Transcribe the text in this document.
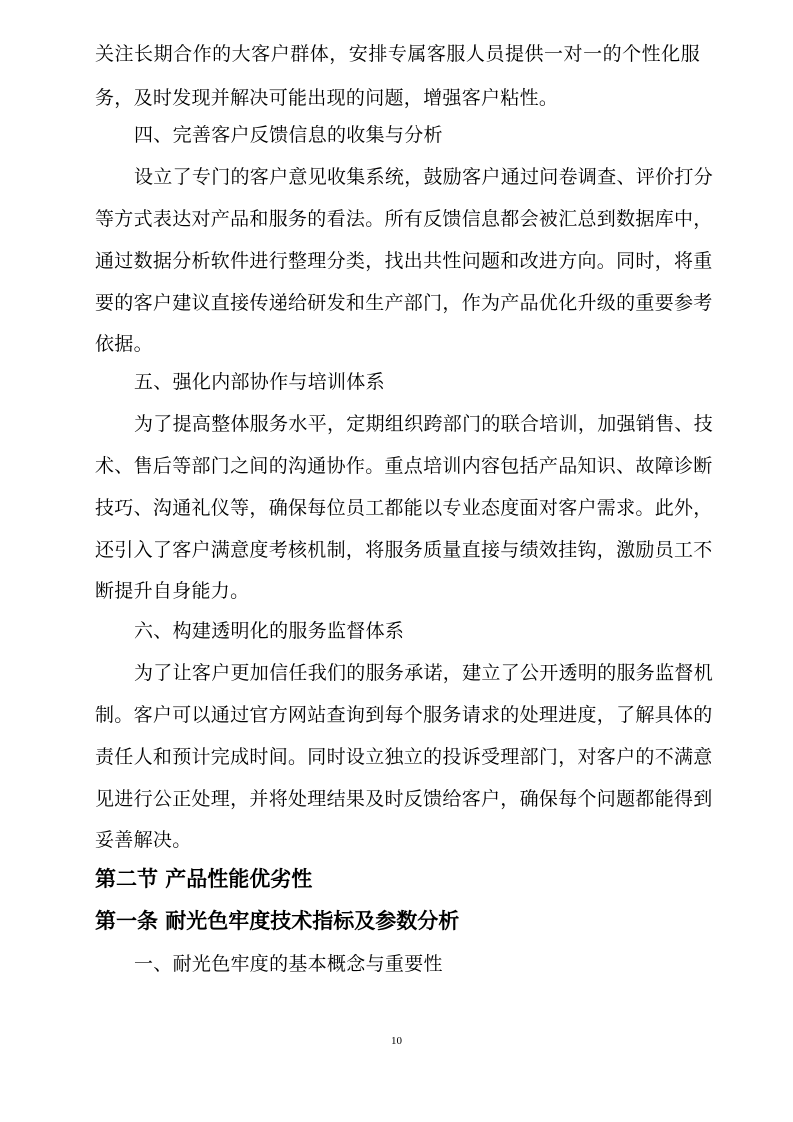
关注长期合作的大客户群体，安排专属客服人员提供一对一的个性化服
务，及时发现并解决可能出现的问题，增强客户粘性。
四、完善客户反馈信息的收集与分析
设立了专门的客户意见收集系统，鼓励客户通过问卷调查、评价打分
等方式表达对产品和服务的看法。所有反馈信息都会被汇总到数据库中，
通过数据分析软件进行整理分类，找出共性问题和改进方向。同时，将重
要的客户建议直接传递给研发和生产部门，作为产品优化升级的重要参考
依据。
五、强化内部协作与培训体系
为了提高整体服务水平，定期组织跨部门的联合培训，加强销售、技
术、售后等部门之间的沟通协作。重点培训内容包括产品知识、故障诊断
技巧、沟通礼仪等，确保每位员工都能以专业态度面对客户需求。此外，
还引入了客户满意度考核机制，将服务质量直接与绩效挂钩，激励员工不
断提升自身能力。
六、构建透明化的服务监督体系
为了让客户更加信任我们的服务承诺，建立了公开透明的服务监督机
制。客户可以通过官方网站查询到每个服务请求的处理进度，了解具体的
责任人和预计完成时间。同时设立独立的投诉受理部门，对客户的不满意
见进行公正处理，并将处理结果及时反馈给客户，确保每个问题都能得到
妥善解决。
第二节 产品性能优劣性
第一条 耐光色牢度技术指标及参数分析
一、耐光色牢度的基本概念与重要性
10
